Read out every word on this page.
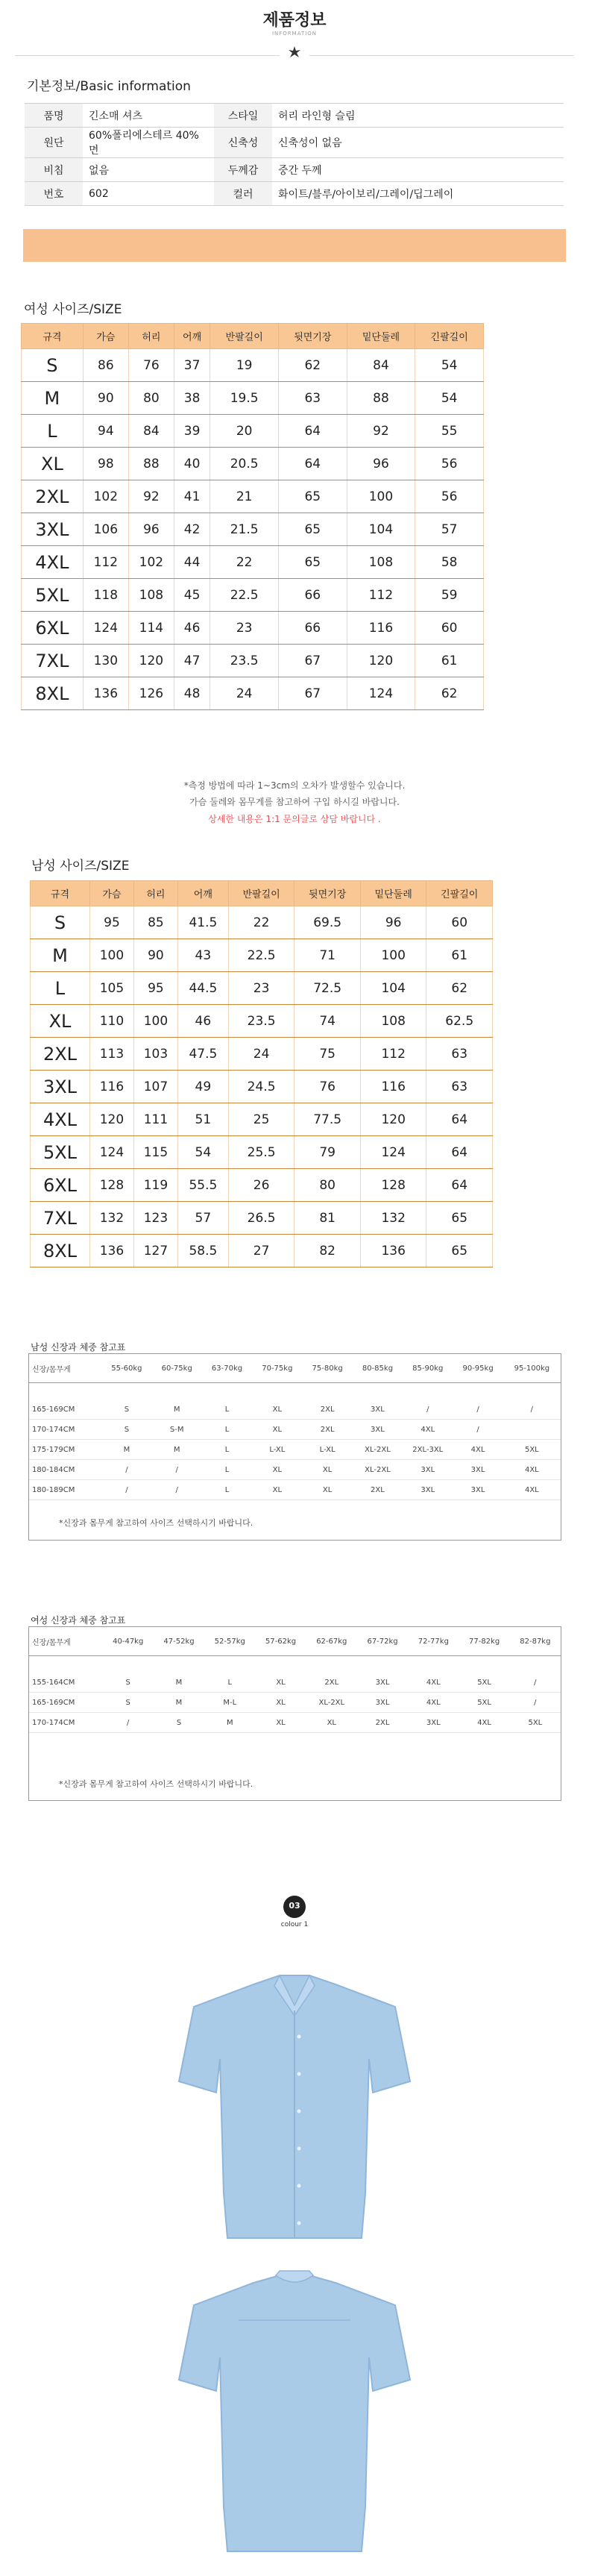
제품정보
INFORMATION
기본정보/Basic information
품명	긴소매 셔츠	스타일	허리 라인형 슬림
원단	60%폴리에스테르 40%면	신축성	신축성이 없음
비침	없음	두께감	중간 두께
번호	602	컬러	화이트/블루/아이보리/그레이/딥그레이
여성 사이즈/SIZE
규격	가슴	허리	어깨	반팔길이	뒷면기장	밑단둘레	긴팔길이
S	86	76	37	19	62	84	54
M	90	80	38	19.5	63	88	54
L	94	84	39	20	64	92	55
XL	98	88	40	20.5	64	96	56
2XL	102	92	41	21	65	100	56
3XL	106	96	42	21.5	65	104	57
4XL	112	102	44	22	65	108	58
5XL	118	108	45	22.5	66	112	59
6XL	124	114	46	23	66	116	60
7XL	130	120	47	23.5	67	120	61
8XL	136	126	48	24	67	124	62
*측정 방법에 따라 1~3cm의 오차가 발생할수 있습니다.
가슴 둘레와 몸무게를 참고하여 구입 하시길 바랍니다.
상세한 내용은 1:1 문의글로 상담 바랍니다 .
남성 사이즈/SIZE
규격	가슴	허리	어깨	반팔길이	뒷면기장	밑단둘레	긴팔길이
S	95	85	41.5	22	69.5	96	60
M	100	90	43	22.5	71	100	61
L	105	95	44.5	23	72.5	104	62
XL	110	100	46	23.5	74	108	62.5
2XL	113	103	47.5	24	75	112	63
3XL	116	107	49	24.5	76	116	63
4XL	120	111	51	25	77.5	120	64
5XL	124	115	54	25.5	79	124	64
6XL	128	119	55.5	26	80	128	64
7XL	132	123	57	26.5	81	132	65
8XL	136	127	58.5	27	82	136	65
남성 신장과 체중 참고표
신장/몸무게	55-60kg	60-75kg	63-70kg	70-75kg	75-80kg	80-85kg	85-90kg	90-95kg	95-100kg

165-169CM	S	M	L	XL	2XL	3XL	/	/	/
170-174CM	S	S-M	L	XL	2XL	3XL	4XL	/	
175-179CM	M	M	L	L-XL	L-XL	XL-2XL	2XL-3XL	4XL	5XL
180-184CM	/	/	L	XL	XL	XL-2XL	3XL	3XL	4XL
180-189CM	/	/	L	XL	XL	2XL	3XL	3XL	4XL
*신장과 몸무게 참고하여 사이즈 선택하시기 바랍니다.
여성 신장과 체중 참고표
신장/몸무게	40-47kg	47-52kg	52-57kg	57-62kg	62-67kg	67-72kg	72-77kg	77-82kg	82-87kg

155-164CM	S	M	L	XL	2XL	3XL	4XL	5XL	/
165-169CM	S	M	M-L	XL	XL-2XL	3XL	4XL	5XL	/
170-174CM	/	S	M	XL	XL	2XL	3XL	4XL	5XL
*신장과 몸무게 참고하여 사이즈 선택하시기 바랍니다.
03
colour 1
